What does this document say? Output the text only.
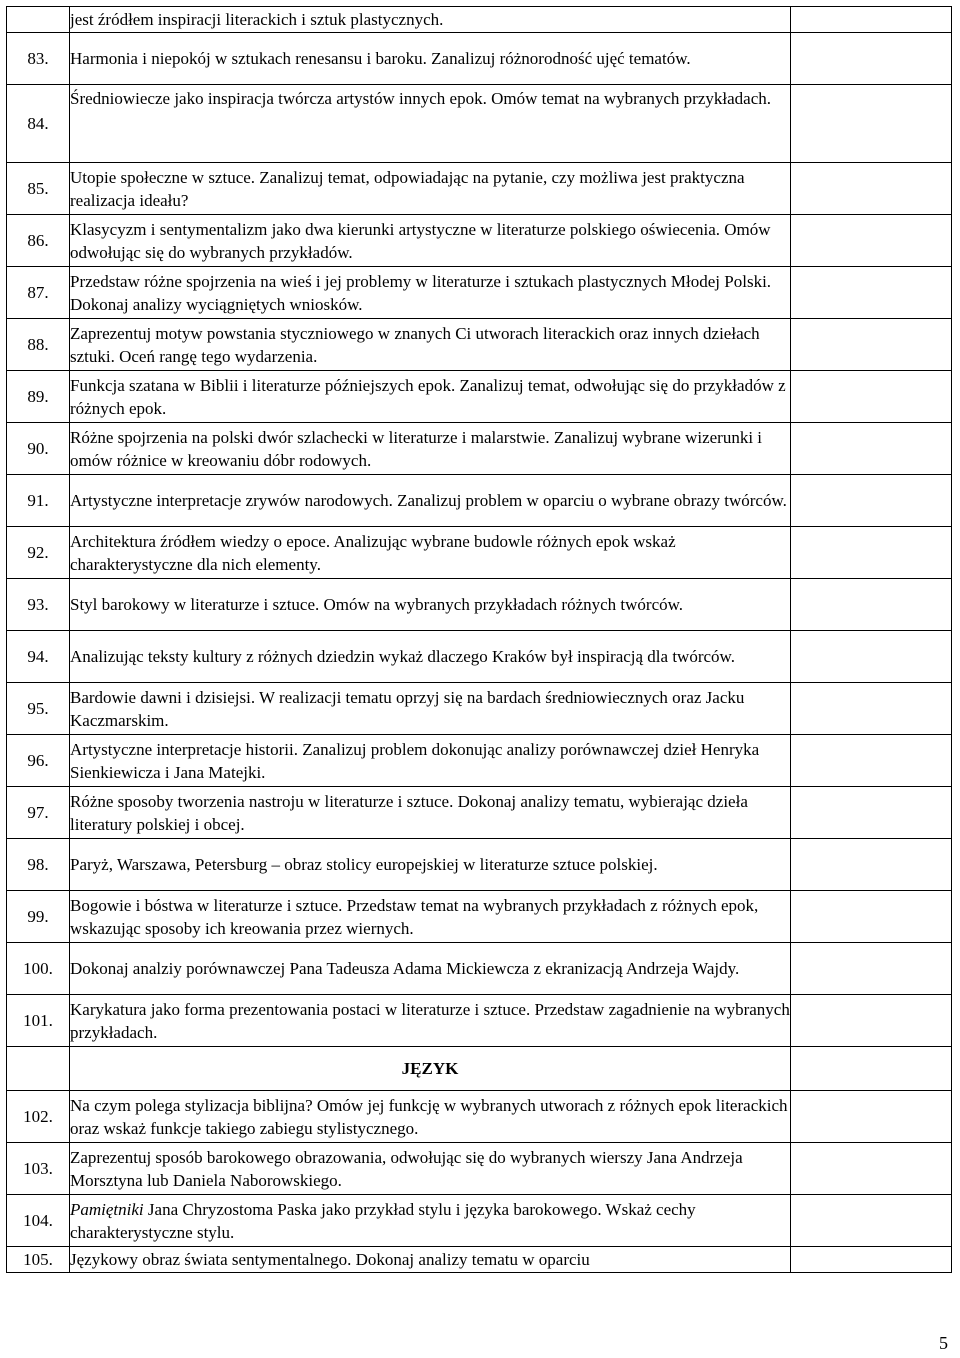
	jest źródłem inspiracji literackich i sztuk plastycznych.	
83.	Harmonia i niepokój w sztukach renesansu i baroku. Zanalizuj różnorodność ujęć tematów.	
84.	Średniowiecze jako inspiracja twórcza artystów innych epok. Omów temat na wybranych przykładach.	
85.	Utopie społeczne w sztuce. Zanalizuj temat, odpowiadając na pytanie, czy możliwa jest praktyczna realizacja ideału?	
86.	Klasycyzm i sentymentalizm jako dwa kierunki artystyczne w literaturze polskiego oświecenia. Omów odwołując się do wybranych przykładów.	
87.	Przedstaw różne spojrzenia na wieś i jej problemy w literaturze i sztukach plastycznych Młodej Polski. Dokonaj analizy wyciągniętych wniosków.	
88.	Zaprezentuj motyw powstania styczniowego w znanych Ci utworach literackich oraz innych dziełach sztuki. Oceń rangę tego wydarzenia.	
89.	Funkcja szatana w Biblii i literaturze późniejszych epok. Zanalizuj temat, odwołując się do przykładów z różnych epok.	
90.	Różne spojrzenia na polski dwór szlachecki w literaturze i malarstwie. Zanalizuj wybrane wizerunki i omów różnice w kreowaniu dóbr rodowych.	
91.	Artystyczne interpretacje zrywów narodowych. Zanalizuj problem w oparciu o wybrane obrazy twórców.	
92.	Architektura źródłem wiedzy o epoce. Analizując wybrane budowle różnych epok wskaż charakterystyczne dla nich elementy.	
93.	Styl barokowy w literaturze i sztuce. Omów na wybranych przykładach różnych twórców.	
94.	Analizując teksty kultury z różnych dziedzin wykaż dlaczego Kraków był inspiracją dla twórców.	
95.	Bardowie dawni i dzisiejsi. W realizacji tematu oprzyj się na bardach średniowiecznych oraz Jacku Kaczmarskim.	
96.	Artystyczne interpretacje historii. Zanalizuj problem dokonując analizy porównawczej dzieł Henryka Sienkiewicza i Jana Matejki.	
97.	Różne sposoby tworzenia nastroju w literaturze i sztuce. Dokonaj analizy tematu, wybierając dzieła literatury polskiej i obcej.	
98.	Paryż, Warszawa, Petersburg – obraz stolicy europejskiej w literaturze sztuce polskiej.	
99.	Bogowie i bóstwa w literaturze i sztuce. Przedstaw temat na wybranych przykładach z różnych epok, wskazując sposoby ich kreowania przez wiernych.	
100.	Dokonaj analziy porównawczej Pana Tadeusza Adama Mickiewcza z ekranizacją Andrzeja Wajdy.	
101.	Karykatura jako forma prezentowania postaci w literaturze i sztuce. Przedstaw zagadnienie na wybranych przykładach.	
	JĘZYK	
102.	Na czym polega stylizacja biblijna? Omów jej funkcję w wybranych utworach z różnych epok literackich oraz wskaż funkcje takiego zabiegu stylistycznego.	
103.	Zaprezentuj sposób barokowego obrazowania, odwołując się do wybranych wierszy Jana Andrzeja Morsztyna lub Daniela Naborowskiego.	
104.	Pamiętniki Jana Chryzostoma Paska jako przykład stylu i języka barokowego. Wskaż cechy charakterystyczne stylu.	
105.	Językowy obraz świata sentymentalnego. Dokonaj analizy tematu w oparciu	
5
